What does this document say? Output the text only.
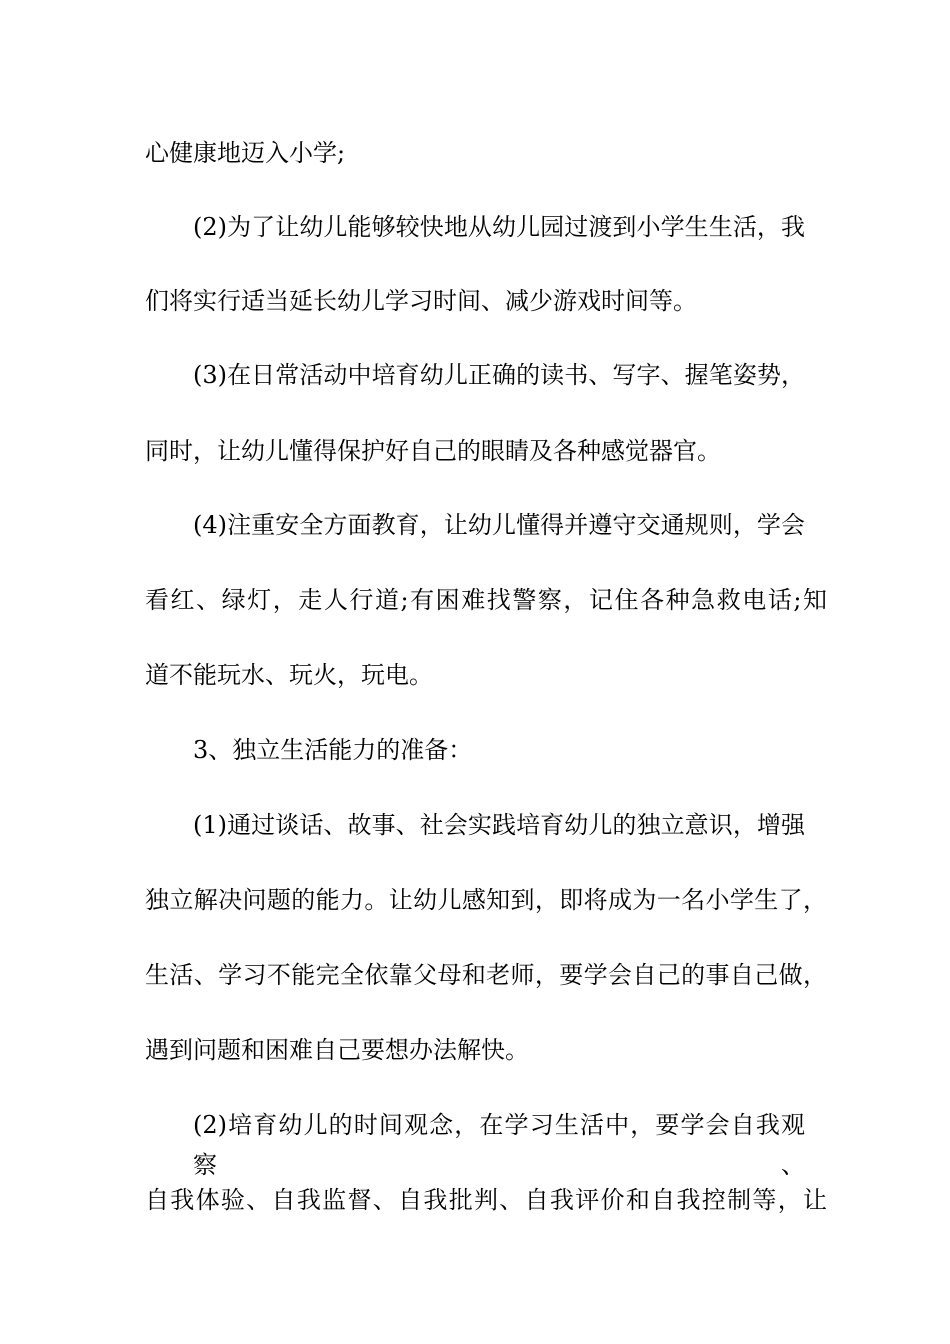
心健康地迈入小学;
(2)为了让幼儿能够较快地从幼儿园过渡到小学生生活，我
们将实行适当延长幼儿学习时间、减少游戏时间等。
(3)在日常活动中培育幼儿正确的读书、写字、握笔姿势，
同时，让幼儿懂得保护好自己的眼睛及各种感觉器官。
(4)注重安全方面教育，让幼儿懂得并遵守交通规则，学会
看红、绿灯，走人行道;有困难找警察，记住各种急救电话;知
道不能玩水、玩火，玩电。
3、独立生活能力的准备：
(1)通过谈话、故事、社会实践培育幼儿的独立意识，增强
独立解决问题的能力。让幼儿感知到，即将成为一名小学生了，
生活、学习不能完全依靠父母和老师，要学会自己的事自己做，
遇到问题和困难自己要想办法解快。
(2)培育幼儿的时间观念，在学习生活中，要学会自我观察、
自我体验、自我监督、自我批判、自我评价和自我控制等，让
